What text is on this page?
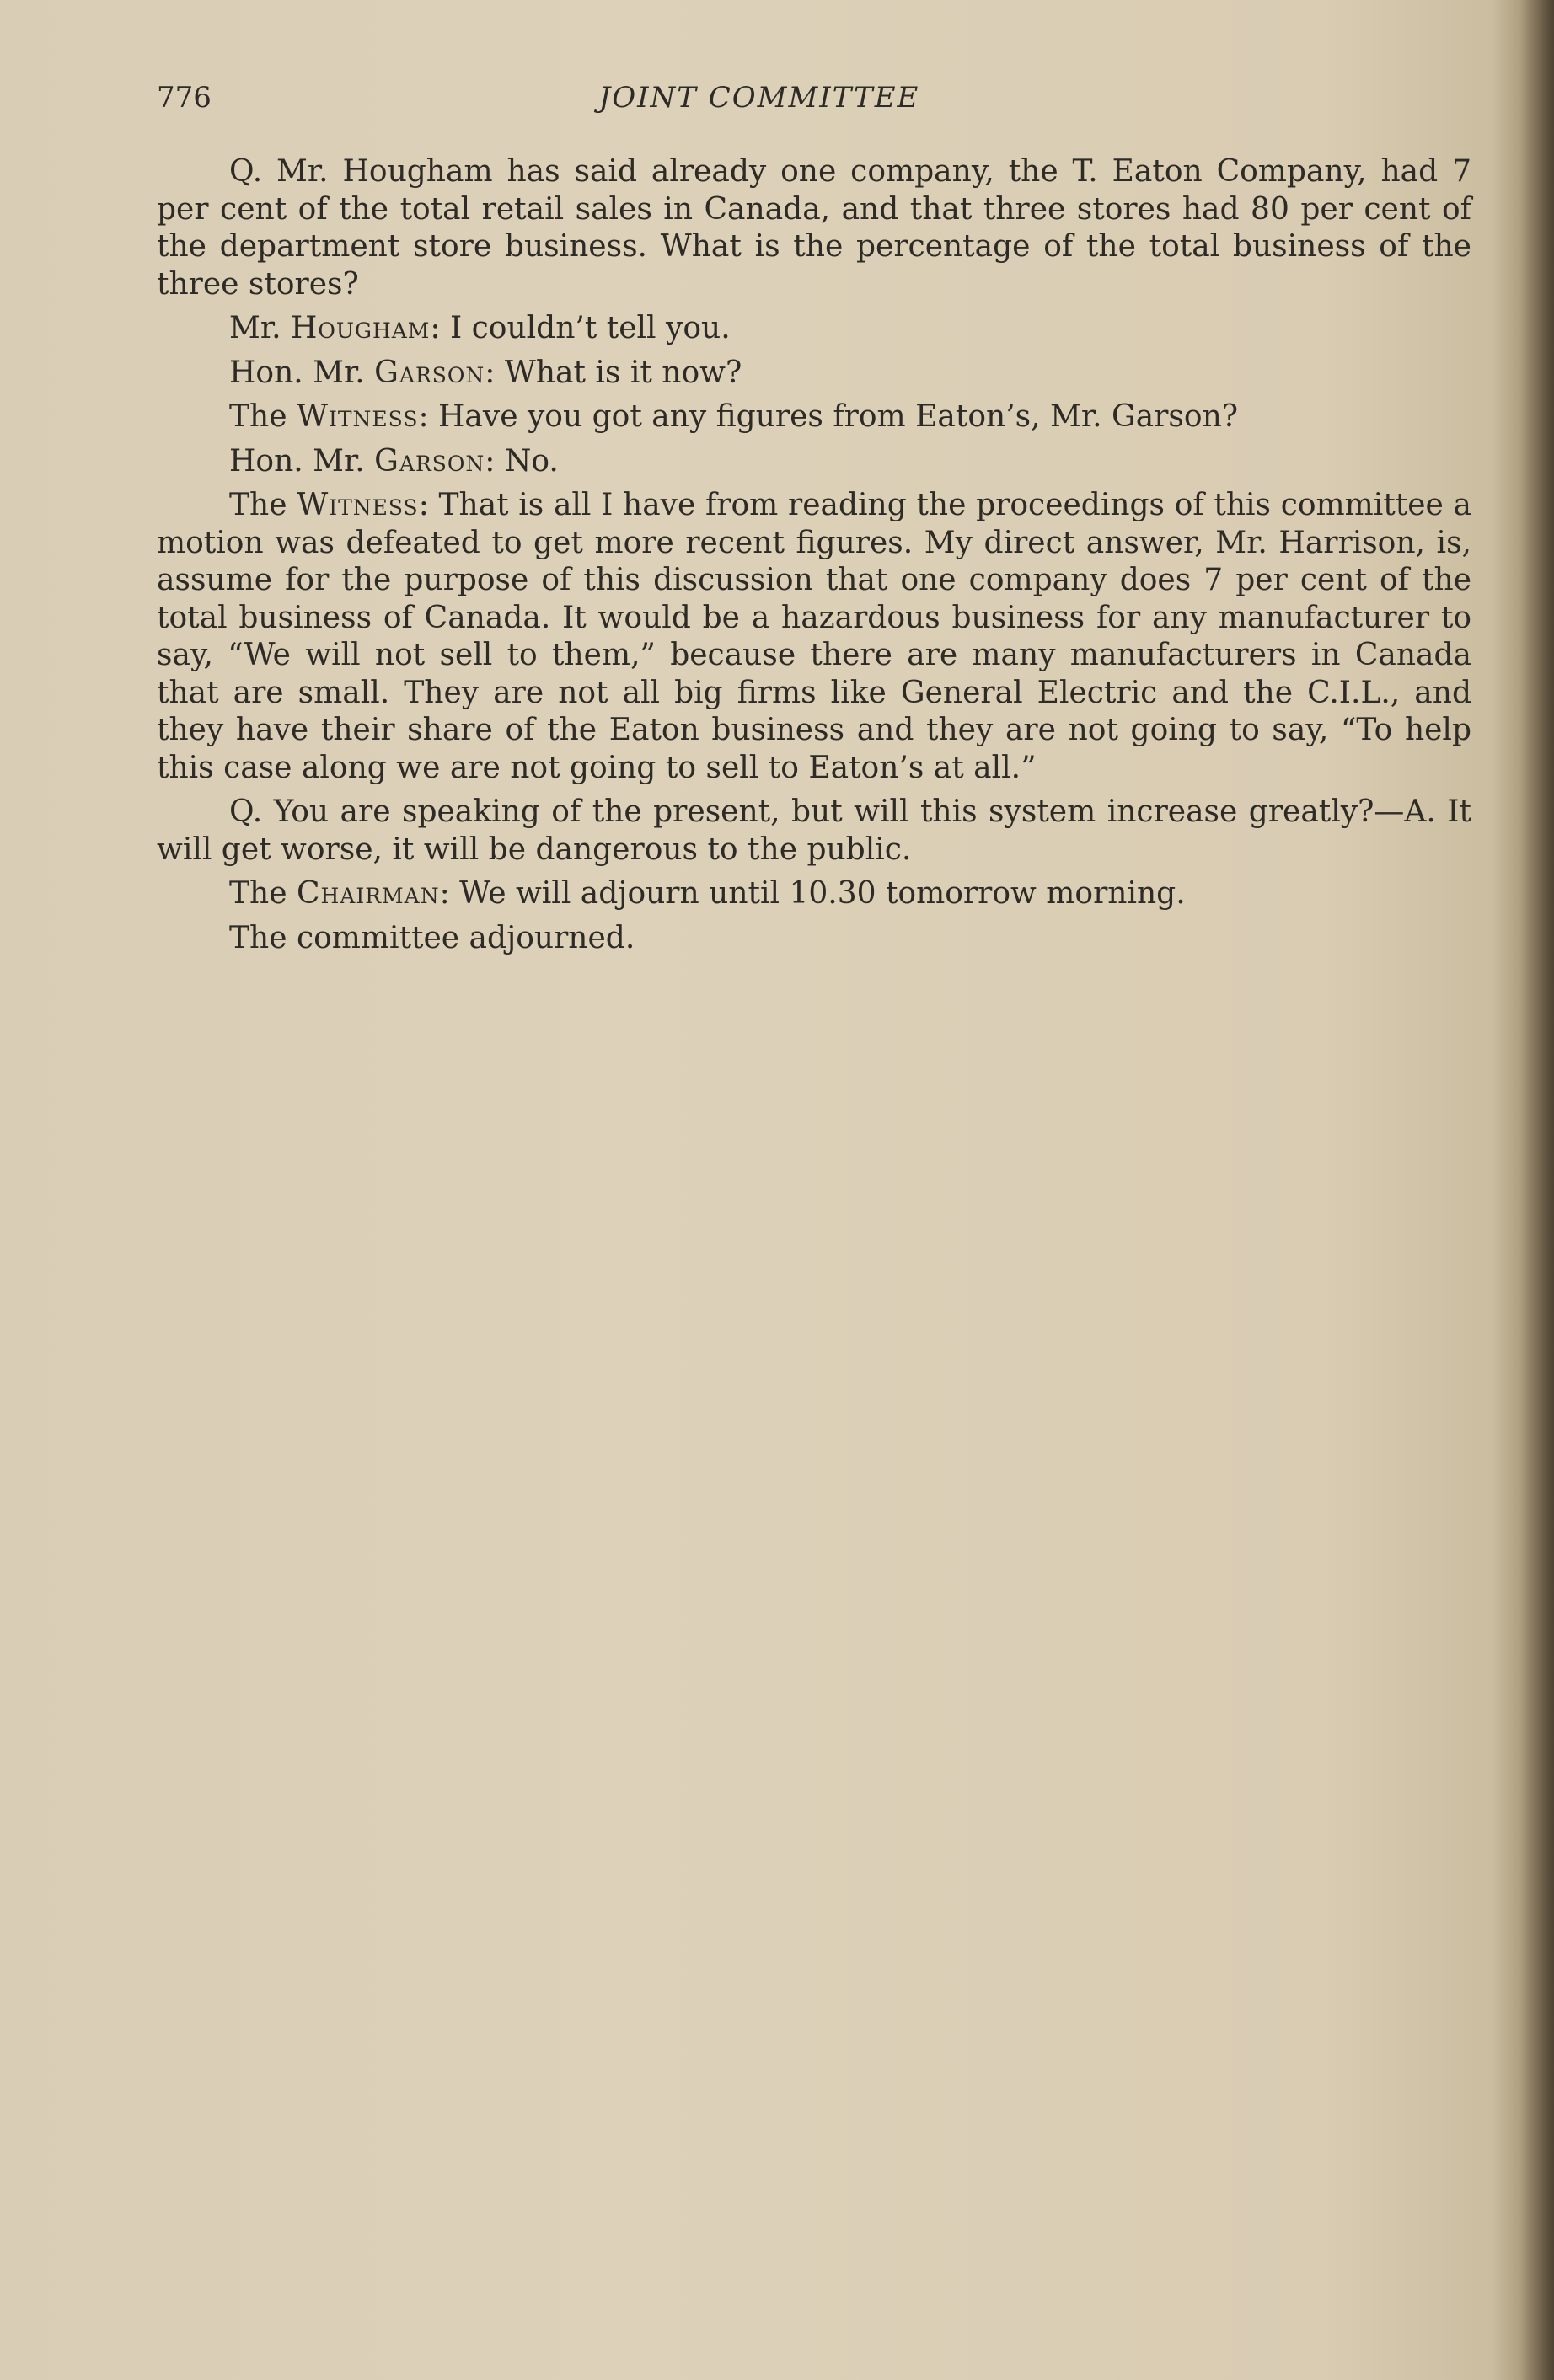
776	JOINT COMMITTEE

Q. Mr. Hougham has said already one company, the T. Eaton Company, had 7 per cent of the total retail sales in Canada, and that three stores had 80 per cent of the department store business. What is the percentage of the total business of the three stores?

Mr. Hougham: I couldn’t tell you.

Hon. Mr. Garson: What is it now?

The Witness: Have you got any figures from Eaton’s, Mr. Garson?

Hon. Mr. Garson: No.

The Witness: That is all I have from reading the proceedings of this committee a motion was defeated to get more recent figures. My direct answer, Mr. Harrison, is, assume for the purpose of this discussion that one company does 7 per cent of the total business of Canada. It would be a hazardous business for any manufacturer to say, “We will not sell to them,” because there are many manufacturers in Canada that are small. They are not all big firms like General Electric and the C.I.L., and they have their share of the Eaton business and they are not going to say, “To help this case along we are not going to sell to Eaton’s at all.”

Q. You are speaking of the present, but will this system increase greatly?—A. It will get worse, it will be dangerous to the public.

The Chairman: We will adjourn until 10.30 tomorrow morning.

The committee adjourned.
